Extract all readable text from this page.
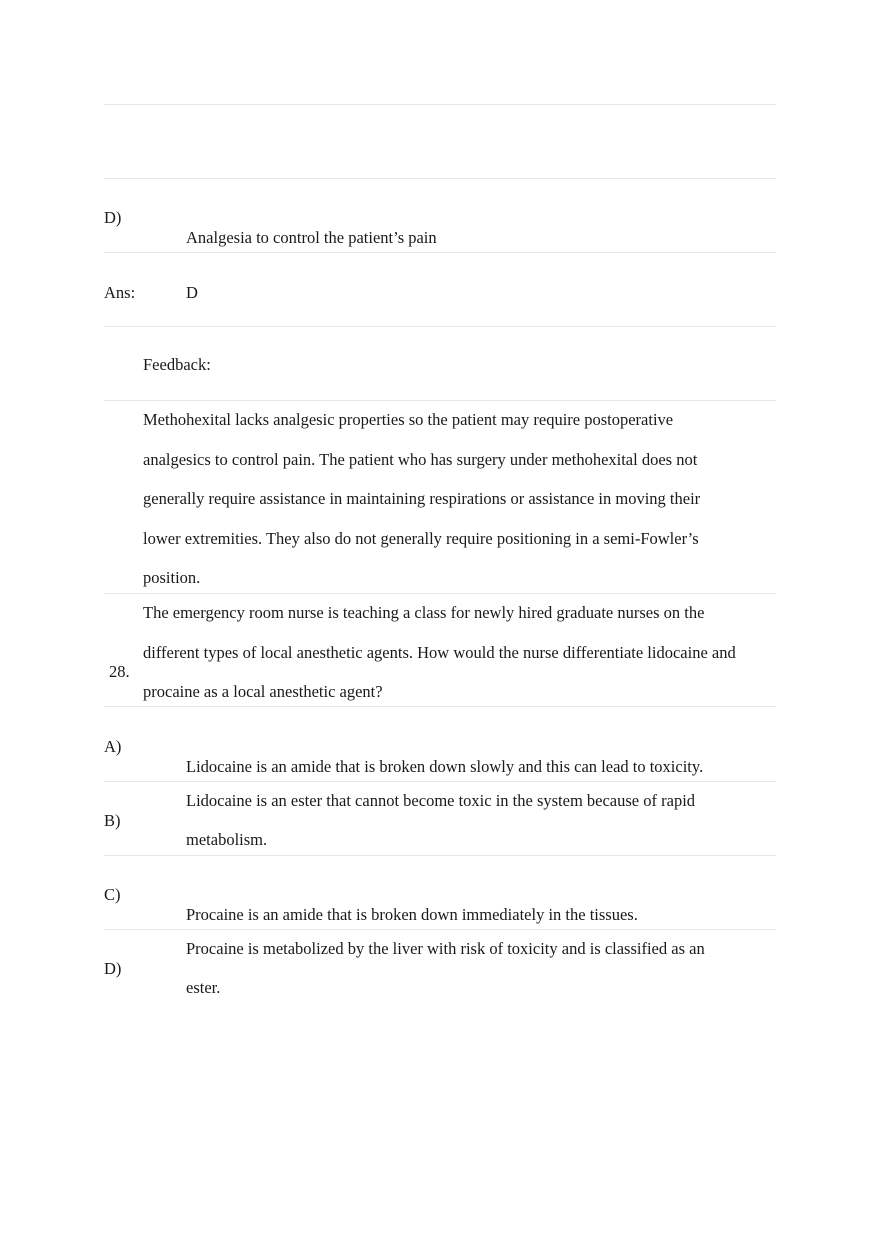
D)
Analgesia to control the patient’s pain
Ans:	D
Feedback:
Methohexital lacks analgesic properties so the patient may require postoperative
analgesics to control pain. The patient who has surgery under methohexital does not
generally require assistance in maintaining respirations or assistance in moving their
lower extremities. They also do not generally require positioning in a semi-Fowler’s
position.
28.
The emergency room nurse is teaching a class for newly hired graduate nurses on the
different types of local anesthetic agents. How would the nurse differentiate lidocaine and
procaine as a local anesthetic agent?
A)
Lidocaine is an amide that is broken down slowly and this can lead to toxicity.
B)
Lidocaine is an ester that cannot become toxic in the system because of rapid
metabolism.
C)
Procaine is an amide that is broken down immediately in the tissues.
D)
Procaine is metabolized by the liver with risk of toxicity and is classified as an
ester.
